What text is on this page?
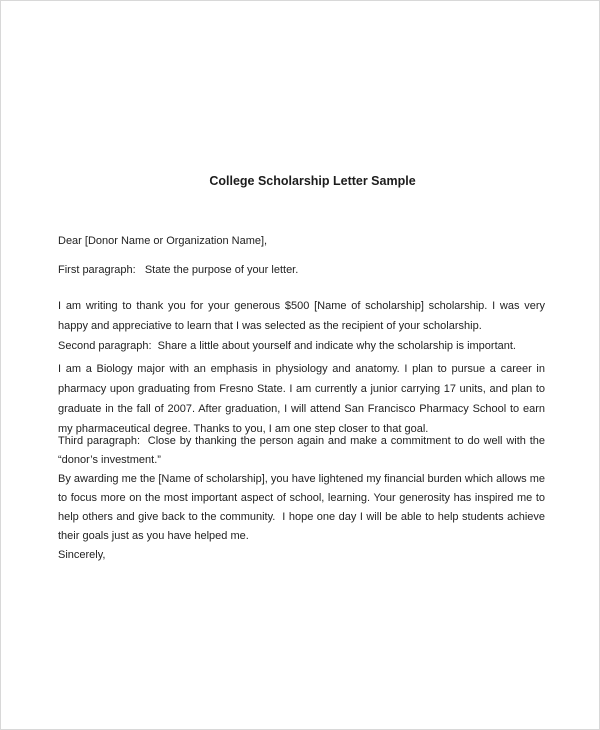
College Scholarship Letter Sample
Dear [Donor Name or Organization Name],
First paragraph:   State the purpose of your letter.
I am writing to thank you for your generous $500 [Name of scholarship] scholarship. I was very happy and appreciative to learn that I was selected as the recipient of your scholarship.
Second paragraph:  Share a little about yourself and indicate why the scholarship is important.
I am a Biology major with an emphasis in physiology and anatomy. I plan to pursue a career in pharmacy upon graduating from Fresno State. I am currently a junior carrying 17 units, and plan to graduate in the fall of 2007. After graduation, I will attend San Francisco Pharmacy School to earn my pharmaceutical degree. Thanks to you, I am one step closer to that goal.
Third paragraph:  Close by thanking the person again and make a commitment to do well with the “donor’s investment.”
By awarding me the [Name of scholarship], you have lightened my financial burden which allows me to focus more on the most important aspect of school, learning. Your generosity has inspired me to help others and give back to the community.  I hope one day I will be able to help students achieve their goals just as you have helped me.
Sincerely,
